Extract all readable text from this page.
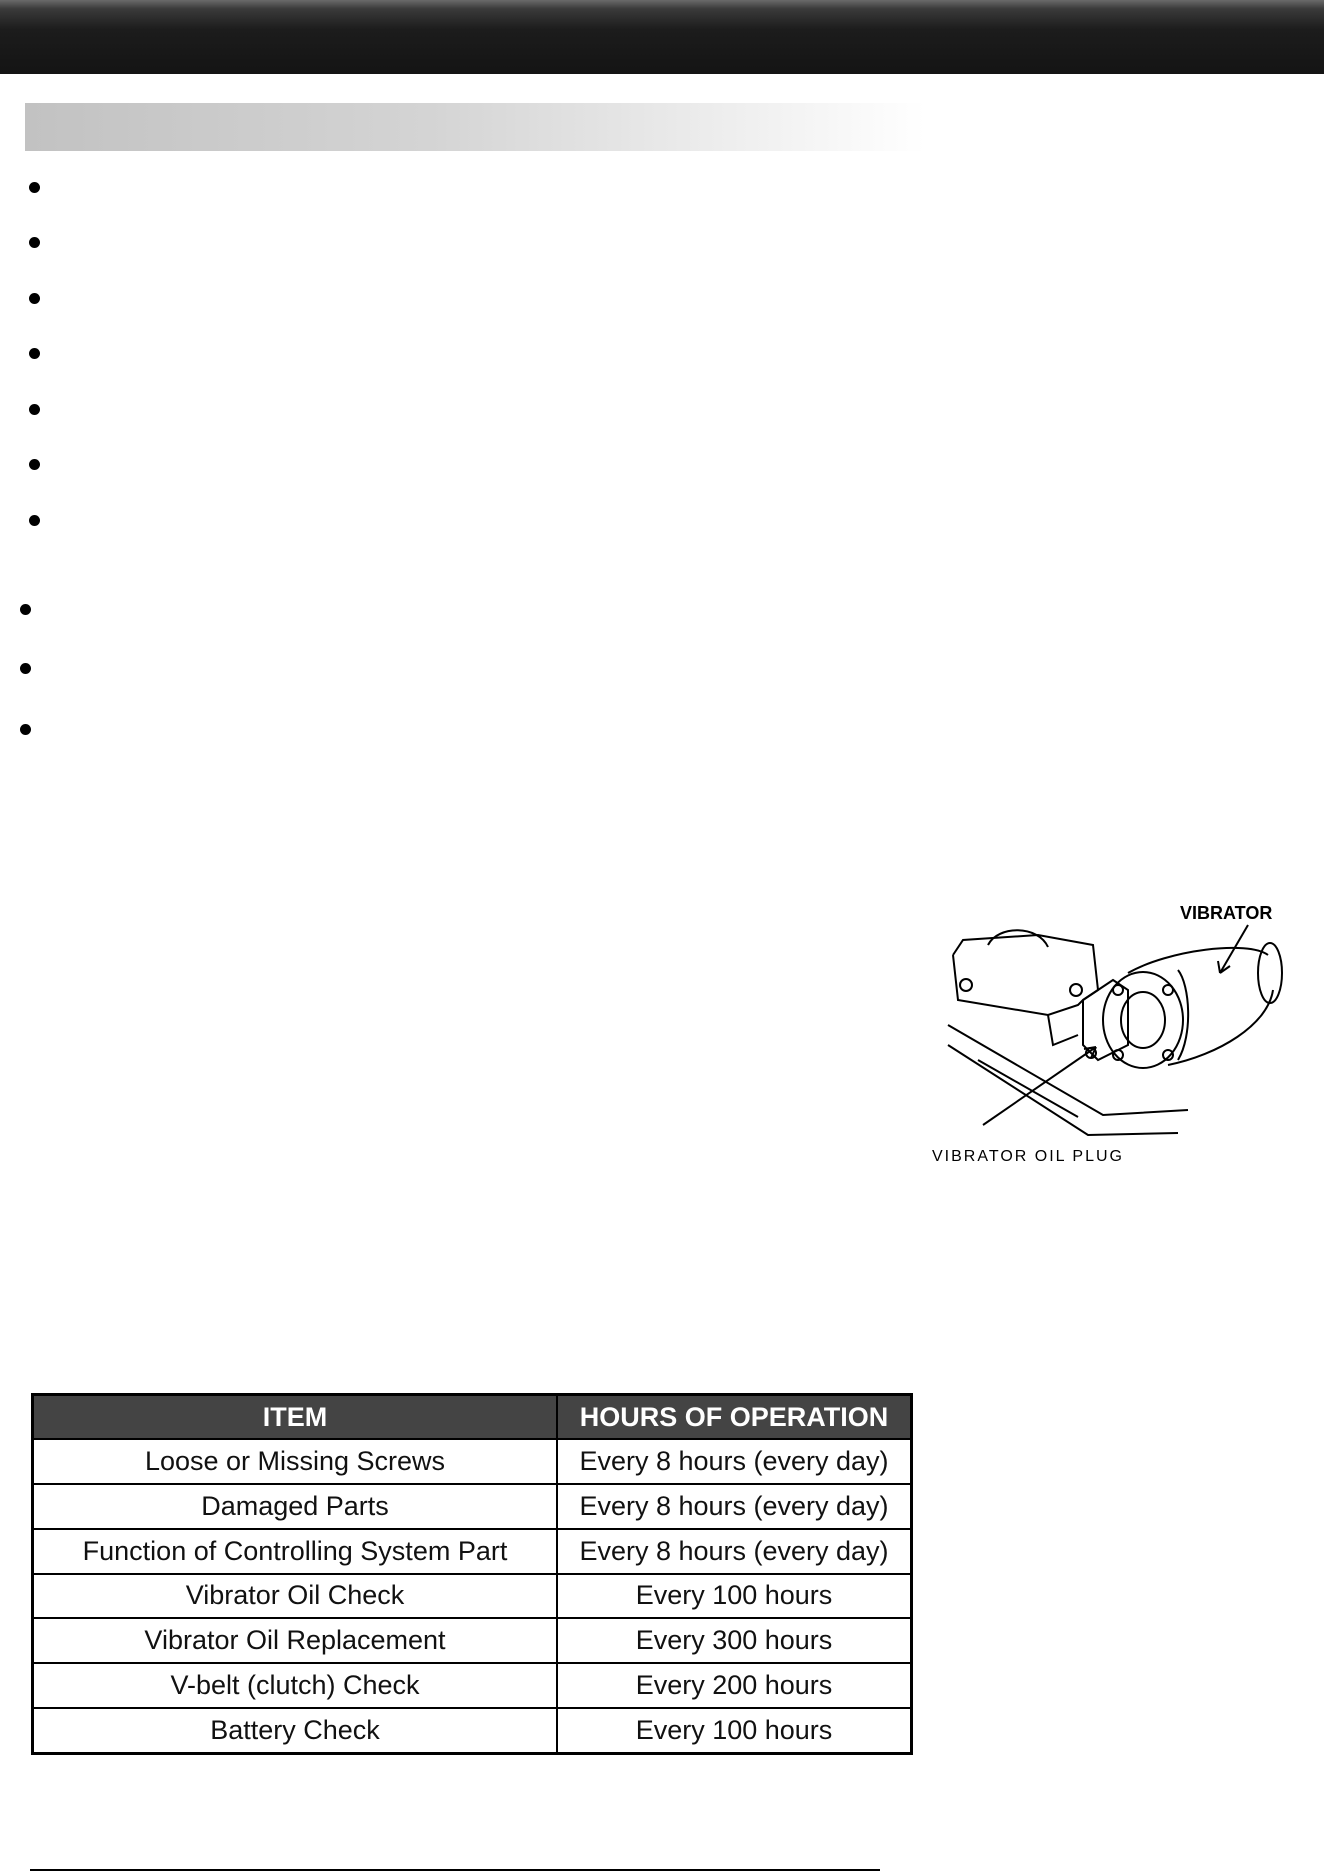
VIBRATOR
VIBRATOR OIL PLUG
ITEM	HOURS OF OPERATION
Loose or Missing Screws	Every 8 hours (every day)
Damaged Parts	Every 8 hours (every day)
Function of Controlling System Part	Every 8 hours (every day)
Vibrator Oil Check	Every 100 hours
Vibrator Oil Replacement	Every 300 hours
V-belt (clutch) Check	Every 200 hours
Battery Check	Every 100 hours
